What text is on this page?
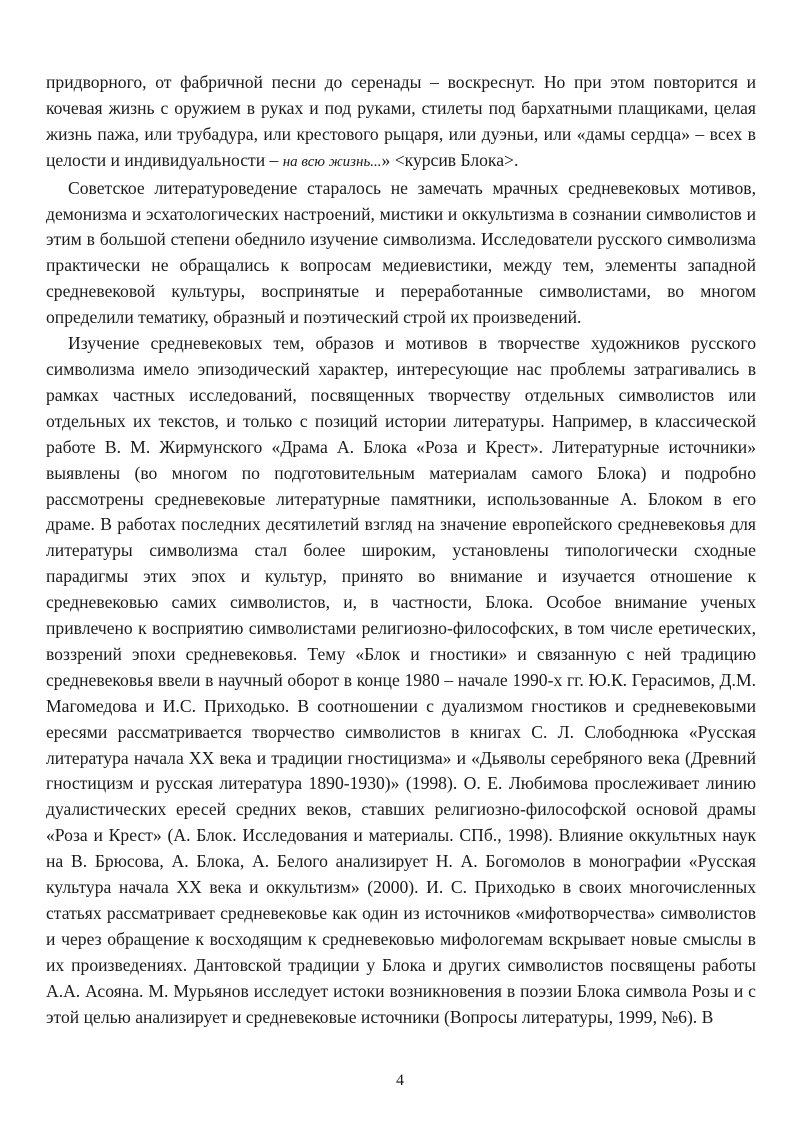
придворного, от фабричной песни до серенады – воскреснут. Но при этом повторится и кочевая жизнь с оружием в руках и под руками, стилеты под бархатными плащиками, целая жизнь пажа, или трубадура, или крестового рыцаря, или дуэньи, или «дамы сердца» – всех в целости и индивидуальности – на всю жизнь...» <курсив Блока>.

Советское литературоведение старалось не замечать мрачных средневековых мотивов, демонизма и эсхатологических настроений, мистики и оккультизма в сознании символистов и этим в большой степени обеднило изучение символизма. Исследователи русского символизма практически не обращались к вопросам медиевистики, между тем, элементы западной средневековой культуры, воспринятые и переработанные символистами, во многом определили тематику, образный и поэтический строй их произведений.

Изучение средневековых тем, образов и мотивов в творчестве художников русского символизма имело эпизодический характер, интересующие нас проблемы затрагивались в рамках частных исследований, посвященных творчеству отдельных символистов или отдельных их текстов, и только с позиций истории литературы. Например, в классической работе В. М. Жирмунского «Драма А. Блока «Роза и Крест». Литературные источники» выявлены (во многом по подготовительным материалам самого Блока) и подробно рассмотрены средневековые литературные памятники, использованные А. Блоком в его драме. В работах последних десятилетий взгляд на значение европейского средневековья для литературы символизма стал более широким, установлены типологически сходные парадигмы этих эпох и культур, принято во внимание и изучается отношение к средневековью самих символистов, и, в частности, Блока. Особое внимание ученых привлечено к восприятию символистами религиозно-философских, в том числе еретических, воззрений эпохи средневековья. Тему «Блок и гностики» и связанную с ней традицию средневековья ввели в научный оборот в конце 1980 – начале 1990-х гг. Ю.К. Герасимов, Д.М. Магомедова и И.С. Приходько. В соотношении с дуализмом гностиков и средневековыми ересями рассматривается творчество символистов в книгах С. Л. Слободнюка «Русская литература начала XX века и традиции гностицизма» и «Дьяволы серебряного века (Древний гностицизм и русская литература 1890-1930)» (1998). О. Е. Любимова прослеживает линию дуалистических ересей средних веков, ставших религиозно-философской основой драмы «Роза и Крест» (А. Блок. Исследования и материалы. СПб., 1998). Влияние оккультных наук на В. Брюсова, А. Блока, А. Белого анализирует Н. А. Богомолов в монографии «Русская культура начала XX века и оккультизм» (2000). И. С. Приходько в своих многочисленных статьях рассматривает средневековье как один из источников «мифотворчества» символистов и через обращение к восходящим к средневековью мифологемам вскрывает новые смыслы в их произведениях. Дантовской традиции у Блока и других символистов посвящены работы А.А. Асояна. М. Мурьянов исследует истоки возникновения в поэзии Блока символа Розы и с этой целью анализирует и средневековые источники (Вопросы литературы, 1999, №6). В

4
